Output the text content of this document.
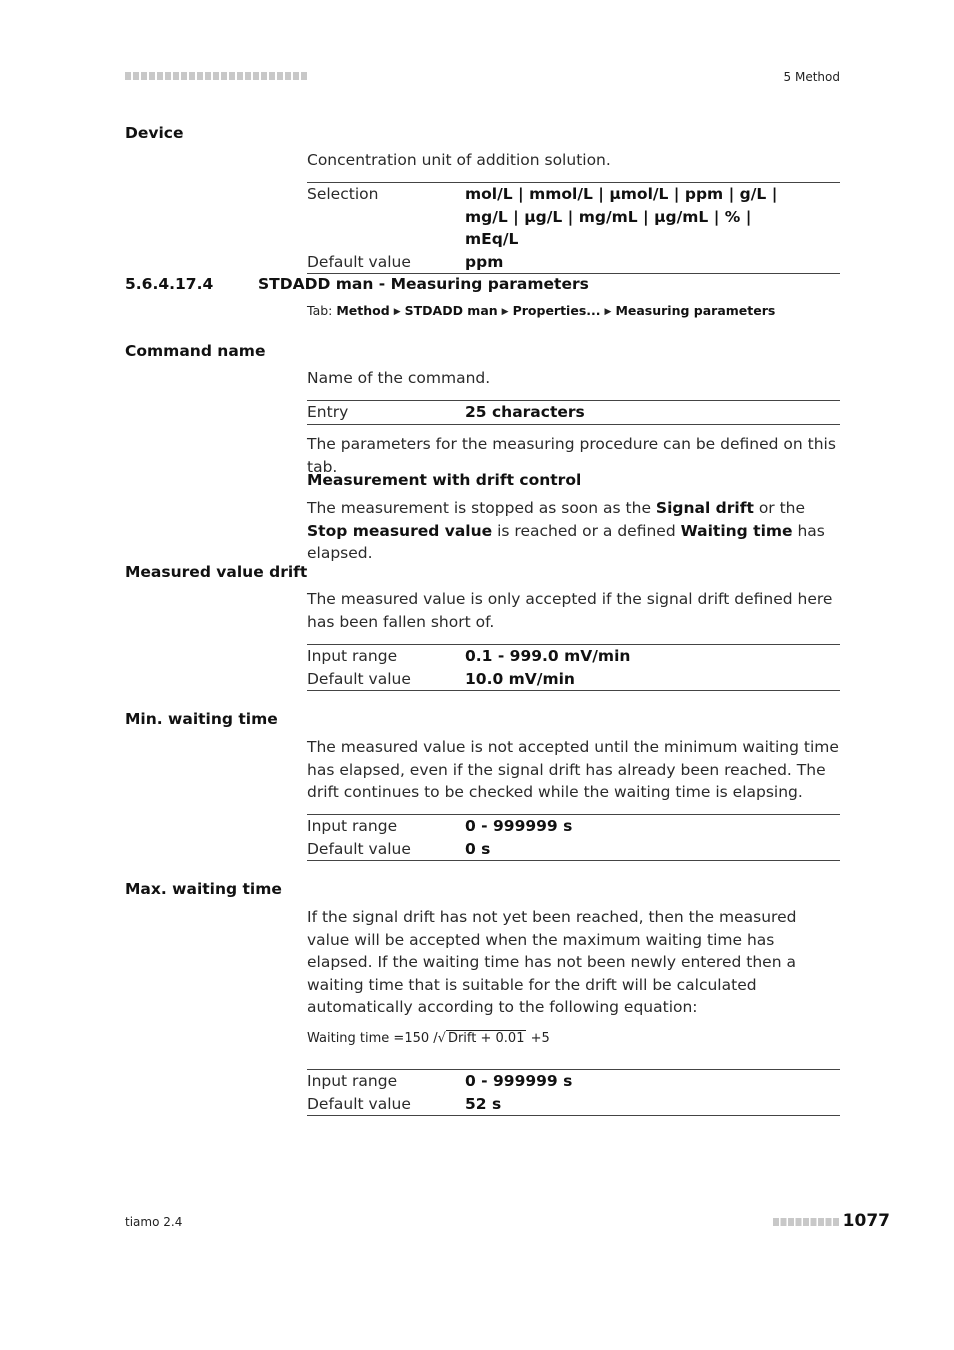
5 Method
Device
Concentration unit of addition solution.
Selection	mol/L | mmol/L | µmol/L | ppm | g/L | mg/L | µg/L | mg/mL | µg/mL | % | mEq/L
Default value	ppm
5.6.4.17.4	STDADD man - Measuring parameters
Tab: Method ▶ STDADD man ▶ Properties... ▶ Measuring parameters
Command name
Name of the command.
Entry	25 characters
The parameters for the measuring procedure can be defined on this tab.
Measurement with drift control
The measurement is stopped as soon as the Signal drift or the Stop measured value is reached or a defined Waiting time has elapsed.
Measured value drift
The measured value is only accepted if the signal drift defined here has been fallen short of.
Input range	0.1 - 999.0 mV/min
Default value	10.0 mV/min
Min. waiting time
The measured value is not accepted until the minimum waiting time has elapsed, even if the signal drift has already been reached. The drift continues to be checked while the waiting time is elapsing.
Input range	0 - 999999 s
Default value	0 s
Max. waiting time
If the signal drift has not yet been reached, then the measured value will be accepted when the maximum waiting time has elapsed. If the waiting time has not been newly entered then a waiting time that is suitable for the drift will be calculated automatically according to the following equation:
Waiting time =150 /√ Drift + 0.01 +5
Input range	0 - 999999 s
Default value	52 s
tiamo 2.4	1077
